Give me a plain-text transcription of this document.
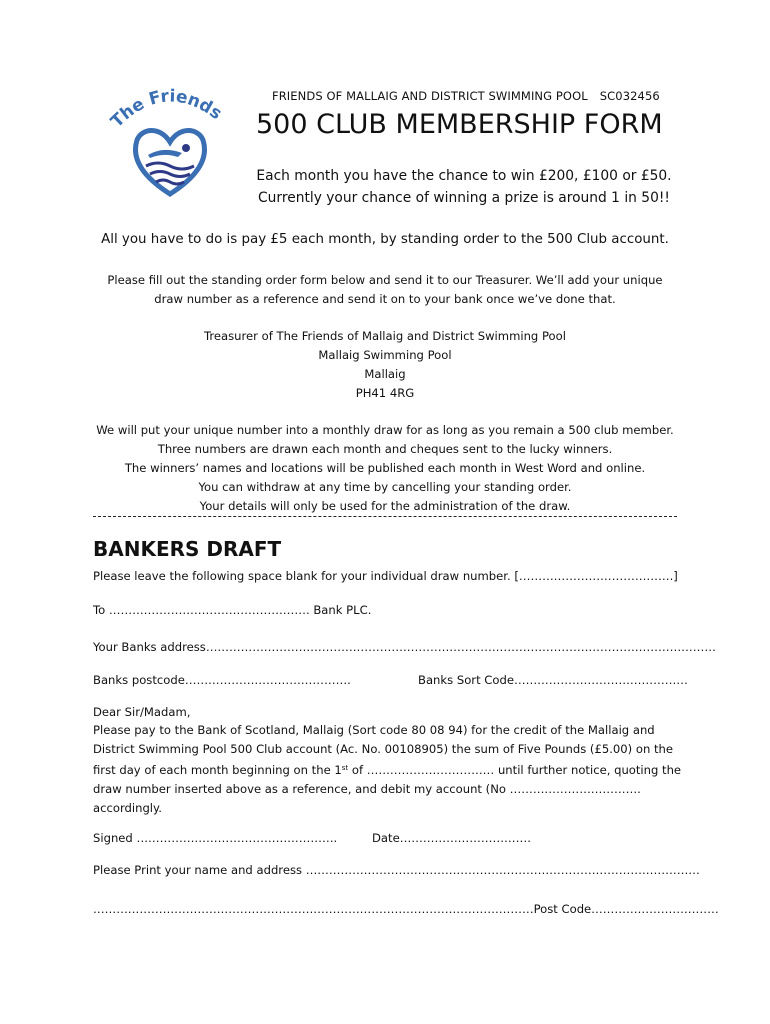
The Friends
FRIENDS OF MALLAIG AND DISTRICT SWIMMING POOL SC032456
500 CLUB MEMBERSHIP FORM
Each month you have the chance to win £200, £100 or £50.
Currently your chance of winning a prize is around 1 in 50!!
All you have to do is pay £5 each month, by standing order to the 500 Club account.
Please fill out the standing order form below and send it to our Treasurer. We’ll add your unique
draw number as a reference and send it on to your bank once we’ve done that.
Treasurer of The Friends of Mallaig and District Swimming Pool
Mallaig Swimming Pool
Mallaig
PH41 4RG
We will put your unique number into a monthly draw for as long as you remain a 500 club member.
Three numbers are drawn each month and cheques sent to the lucky winners.
The winners’ names and locations will be published each month in West Word and online.
You can withdraw at any time by cancelling your standing order.
Your details will only be used for the administration of the draw.
BANKERS DRAFT
Please leave the following space blank for your individual draw number. [………………………………….]
To ……………………………………………. Bank PLC.
Your Banks address……………………………………………………………………………………………………………………
Banks postcode…………………………………….	Banks Sort Code………………………………………
Dear Sir/Madam,
Please pay to the Bank of Scotland, Mallaig (Sort code 80 08 94) for the credit of the Mallaig and District Swimming Pool 500 Club account (Ac. No. 00108905) the sum of Five Pounds (£5.00) on the first day of each month beginning on the 1st of …………………………… until further notice, quoting the draw number inserted above as a reference, and debit my account (No ……………………………. accordingly.
Signed …………………………………………….	Date…………………………….
Please Print your name and address …………………………………………………………………………………………
……………………………………………………………………………………………………Post Code……………………………
